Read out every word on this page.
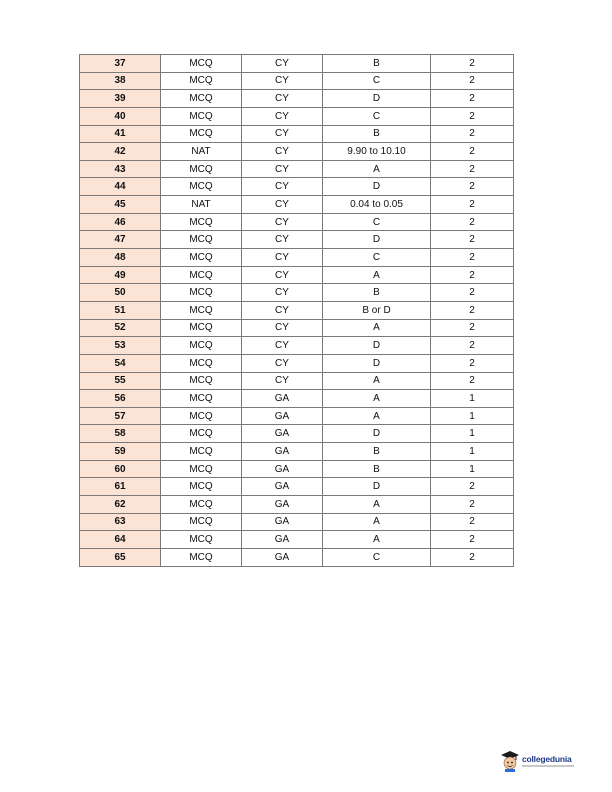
37	MCQ	CY	B	2
38	MCQ	CY	C	2
39	MCQ	CY	D	2
40	MCQ	CY	C	2
41	MCQ	CY	B	2
42	NAT	CY	9.90 to 10.10	2
43	MCQ	CY	A	2
44	MCQ	CY	D	2
45	NAT	CY	0.04 to 0.05	2
46	MCQ	CY	C	2
47	MCQ	CY	D	2
48	MCQ	CY	C	2
49	MCQ	CY	A	2
50	MCQ	CY	B	2
51	MCQ	CY	B or D	2
52	MCQ	CY	A	2
53	MCQ	CY	D	2
54	MCQ	CY	D	2
55	MCQ	CY	A	2
56	MCQ	GA	A	1
57	MCQ	GA	A	1
58	MCQ	GA	D	1
59	MCQ	GA	B	1
60	MCQ	GA	B	1
61	MCQ	GA	D	2
62	MCQ	GA	A	2
63	MCQ	GA	A	2
64	MCQ	GA	A	2
65	MCQ	GA	C	2
collegedunia
